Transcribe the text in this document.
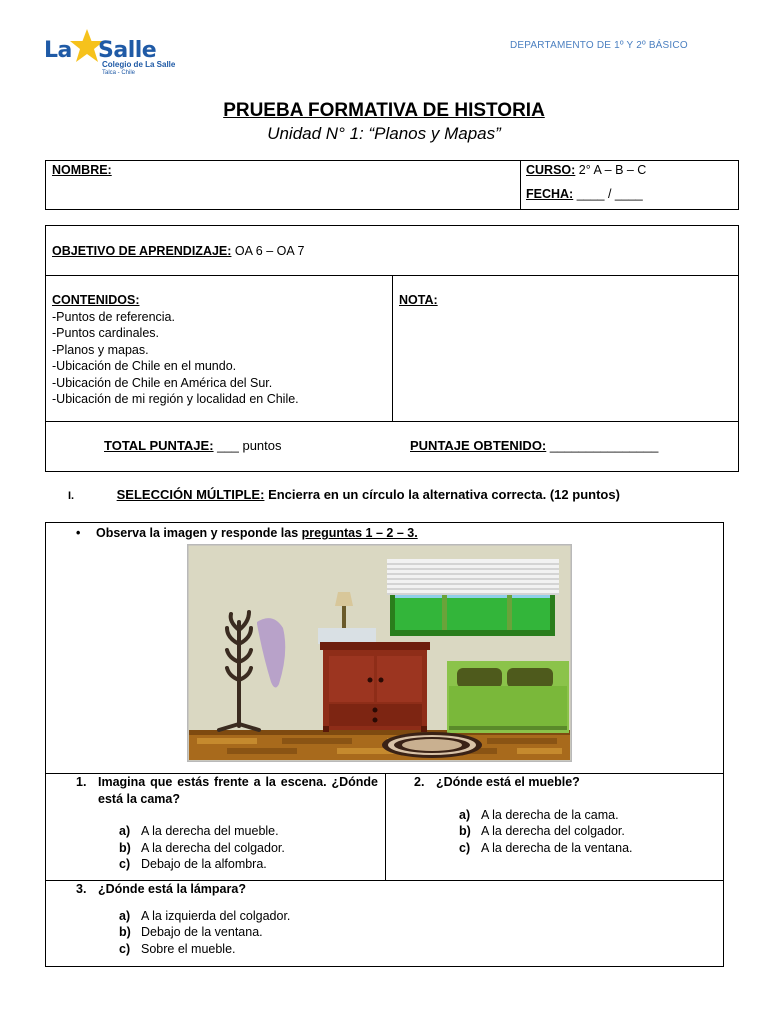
La Salle
Colegio de La Salle
Talca - Chile
DEPARTAMENTO DE 1º Y 2º BÁSICO
PRUEBA FORMATIVA DE HISTORIA
Unidad N° 1: “Planos y Mapas”
NOMBRE:	CURSO: 2° A – B – C
FECHA: ____ / ____
OBJETIVO DE APRENDIZAJE: OA 6 – OA 7
CONTENIDOS:
-Puntos de referencia.
-Puntos cardinales.
-Planos y mapas.
-Ubicación de Chile en el mundo.
-Ubicación de Chile en América del Sur.
-Ubicación de mi región y localidad en Chile.
NOTA:
TOTAL PUNTAJE: ___ puntos	PUNTAJE OBTENIDO: _______________
I.	SELECCIÓN MÚLTIPLE: Encierra en un círculo la alternativa correcta. (12 puntos)
• Observa la imagen y responde las preguntas 1 – 2 – 3.
1. Imagina que estás frente a la escena. ¿Dónde está la cama?
a) A la derecha del mueble.
b) A la derecha del colgador.
c) Debajo de la alfombra.
2. ¿Dónde está el mueble?
a) A la derecha de la cama.
b) A la derecha del colgador.
c) A la derecha de la ventana.
3. ¿Dónde está la lámpara?
a) A la izquierda del colgador.
b) Debajo de la ventana.
c) Sobre el mueble.
